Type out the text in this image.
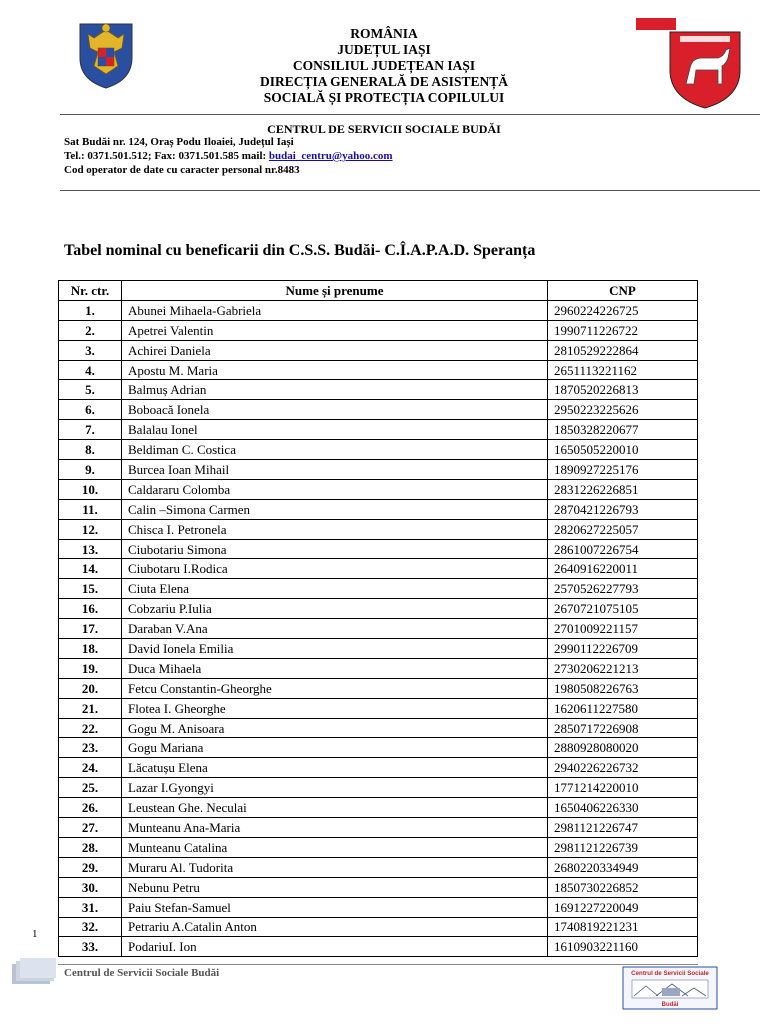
ROMÂNIA
JUDEȚUL IAȘI
CONSILIUL JUDEȚEAN IAȘI
DIRECȚIA GENERALĂ DE ASISTENȚĂ
SOCIALĂ ȘI PROTECȚIA COPILULUI
CENTRUL DE SERVICII SOCIALE BUDĂI
Sat Budăi nr. 124, Oraș Podu Iloaiei, Județul Iași
Tel.: 0371.501.512; Fax: 0371.501.585 mail: budai_centru@yahoo.com
Cod operator de date cu caracter personal nr.8483
Tabel nominal cu beneficarii din C.S.S. Budăi- C.Î.A.P.A.D. Speranța
Nr. ctr.	Nume și prenume	CNP
1.	Abunei Mihaela-Gabriela	2960224226725
2.	Apetrei Valentin	1990711226722
3.	Achirei Daniela	2810529222864
4.	Apostu M. Maria	2651113221162
5.	Balmuș Adrian	1870520226813
6.	Boboacă Ionela	2950223225626
7.	Balalau Ionel	1850328220677
8.	Beldiman C. Costica	1650505220010
9.	Burcea Ioan Mihail	1890927225176
10.	Caldararu Colomba	2831226226851
11.	Calin –Simona Carmen	2870421226793
12.	Chisca I. Petronela	2820627225057
13.	Ciubotariu Simona	2861007226754
14.	Ciubotaru I.Rodica	2640916220011
15.	Ciuta Elena	2570526227793
16.	Cobzariu P.Iulia	2670721075105
17.	Daraban V.Ana	2701009221157
18.	David Ionela Emilia	2990112226709
19.	Duca Mihaela	2730206221213
20.	Fetcu Constantin-Gheorghe	1980508226763
21.	Flotea I. Gheorghe	1620611227580
22.	Gogu M. Anisoara	2850717226908
23.	Gogu Mariana	2880928080020
24.	Lăcatușu Elena	2940226226732
25.	Lazar I.Gyongyi	1771214220010
26.	Leustean Ghe. Neculai	1650406226330
27.	Munteanu Ana-Maria	2981121226747
28.	Munteanu Catalina	2981121226739
29.	Muraru Al. Tudorita	2680220334949
30.	Nebunu Petru	1850730226852
31.	Paiu Stefan-Samuel	1691227220049
32.	Petrariu A.Catalin Anton	1740819221231
33.	PodariuI. Ion	1610903221160
1
Centrul de Servicii Sociale Budăi	Centrul de Servicii Sociale
Budăi
